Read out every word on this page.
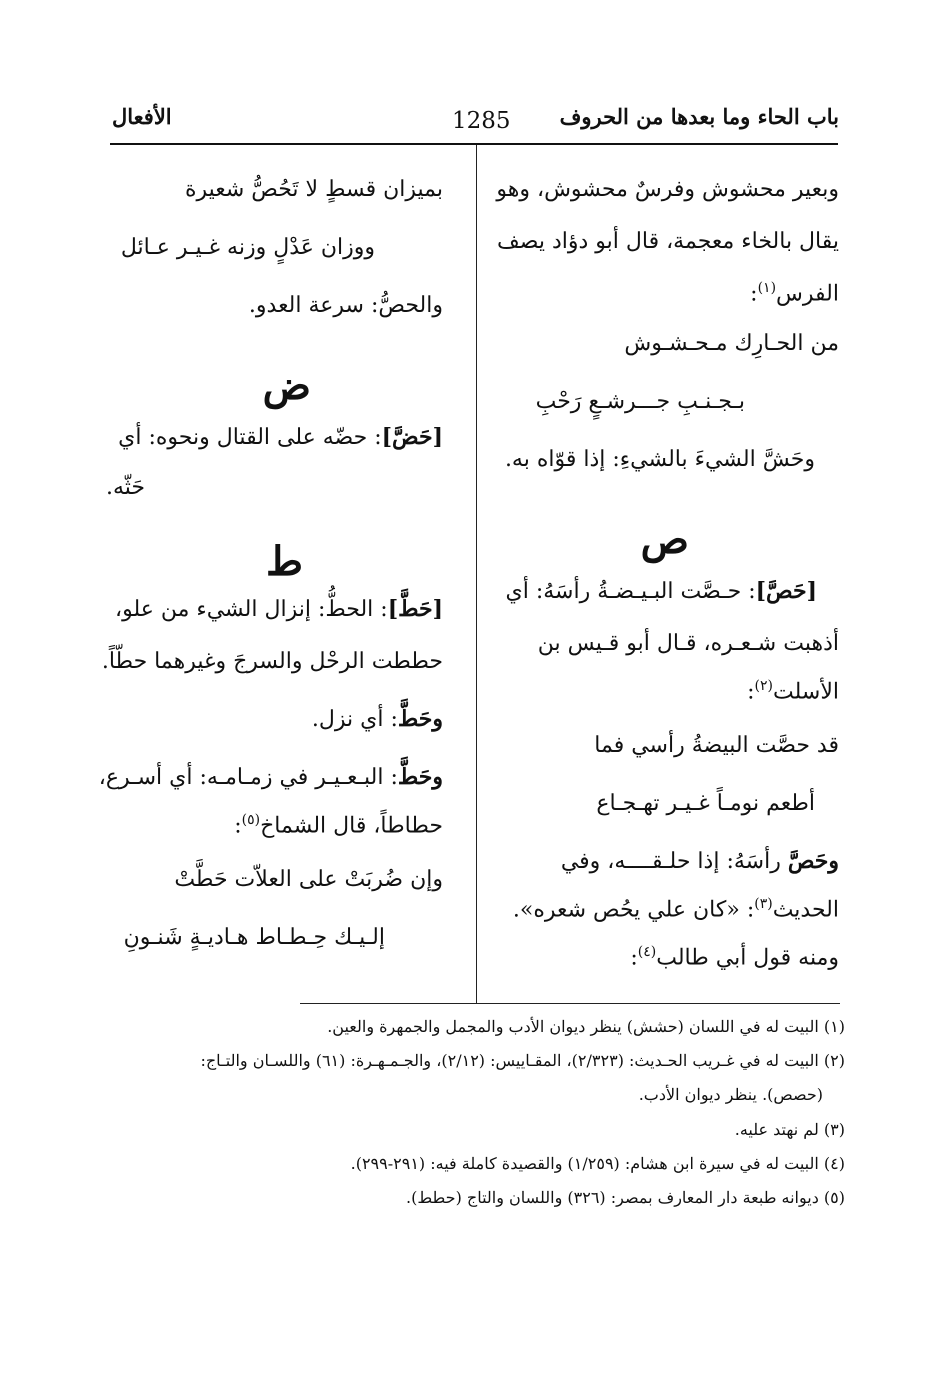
باب الحاء وما بعدها من الحروف
1285
الأفعال
وبعير محشوش وفرسٌ محشوش، وهو
يقال بالخاء معجمة، قال أبو دؤاد يصف
الفرس$^{(١)}$:
من الحـارِك مـحـشـوش
بـجـنـبِ جـــرشـعٍ رَحْبِ
وحَشَّ الشيءَ بالشيءِ: إذا قوّاه به.
ص
[حَصَّ]: حـصَّت البـيـضـةُ رأسَهُ: أي
أذهبت شـعـره، قـال أبو قـيس بن
الأسلت$^{(٢)}$:
قد حصَّت البيضةُ رأسي فما
أطعم نومـاً غـيـر تهـجـاع
وحَصَّ رأسَهُ: إذا حلـقــــه، وفي
الحديث$^{(٣)}$: «كان علي يحُص شعره».
ومنه قول أبي طالب$^{(٤)}$:
بميزان قسطٍ لا تَحُصُّ شعيرة
ووزان عَدْلٍ وزنه غـيـر عـائل
والحصُّ: سرعة العدو.
ض
[حَضَّ]: حضّه على القتال ونحوه: أي
حَثّه.
ط
[حَطَّ]: الحطُّ: إنزال الشيء من علو،
حططت الرحْل والسرجَ وغيرهما حطّاً.
وحَطَّ: أي نزل.
وحَطَّ: البـعـيـر في زمـامـه: أي أسـرع،
حطاطاً، قال الشماخ$^{(٥)}$:
وإن ضُربَتْ على العلاّت حَطَّتْ
إلـيـك حِـطـاط هـاديـةٍ شَنـونِ
(١) البيت له في اللسان (حشش) ينظر ديوان الأدب والمجمل والجمهرة والعين.
(٢) البيت له في غـريب الحـديث: (٢/٣٢٣)، المقـاييس: (٢/١٢)، والجـمـهـرة: (٦١) واللسـان والتـاج:
(حصص). ينظر ديوان الأدب.
(٣) لم نهتد عليه.
(٤) البيت له في سيرة ابن هشام: (١/٢٥٩) والقصيدة كاملة فيه: (٢٩١-٢٩٩).
(٥) ديوانه طبعة دار المعارف بمصر: (٣٢٦) واللسان والتاج (حطط).
